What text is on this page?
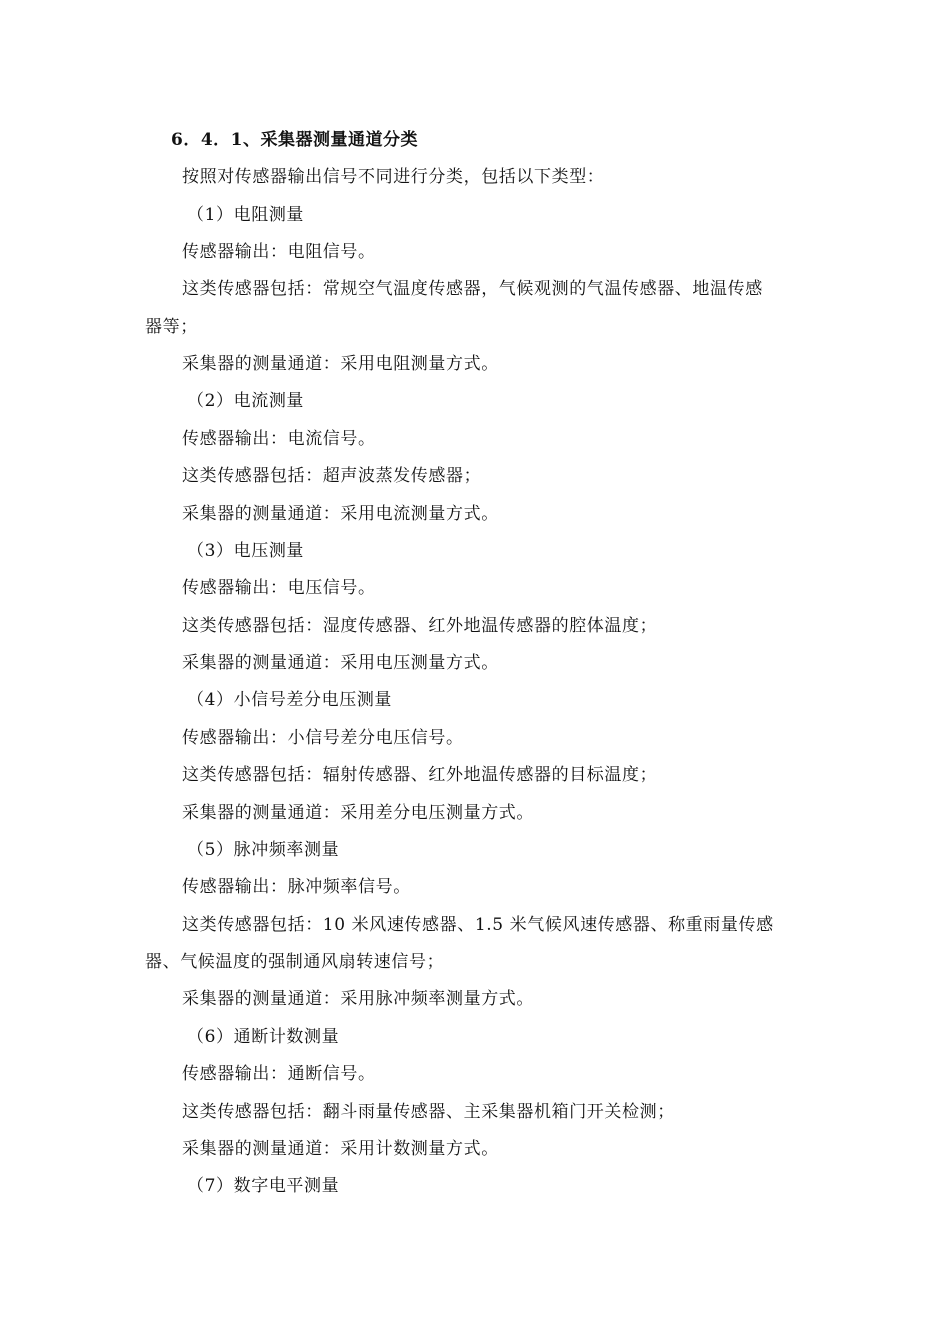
6．4．1、采集器测量通道分类
按照对传感器输出信号不同进行分类，包括以下类型：
（1）电阻测量
传感器输出：电阻信号。
这类传感器包括：常规空气温度传感器，气候观测的气温传感器、地温传感
器等；
采集器的测量通道：采用电阻测量方式。
（2）电流测量
传感器输出：电流信号。
这类传感器包括：超声波蒸发传感器；
采集器的测量通道：采用电流测量方式。
（3）电压测量
传感器输出：电压信号。
这类传感器包括：湿度传感器、红外地温传感器的腔体温度；
采集器的测量通道：采用电压测量方式。
（4）小信号差分电压测量
传感器输出：小信号差分电压信号。
这类传感器包括：辐射传感器、红外地温传感器的目标温度；
采集器的测量通道：采用差分电压测量方式。
（5）脉冲频率测量
传感器输出：脉冲频率信号。
这类传感器包括：10 米风速传感器、1.5 米气候风速传感器、称重雨量传感
器、气候温度的强制通风扇转速信号；
采集器的测量通道：采用脉冲频率测量方式。
（6）通断计数测量
传感器输出：通断信号。
这类传感器包括：翻斗雨量传感器、主采集器机箱门开关检测；
采集器的测量通道：采用计数测量方式。
（7）数字电平测量
